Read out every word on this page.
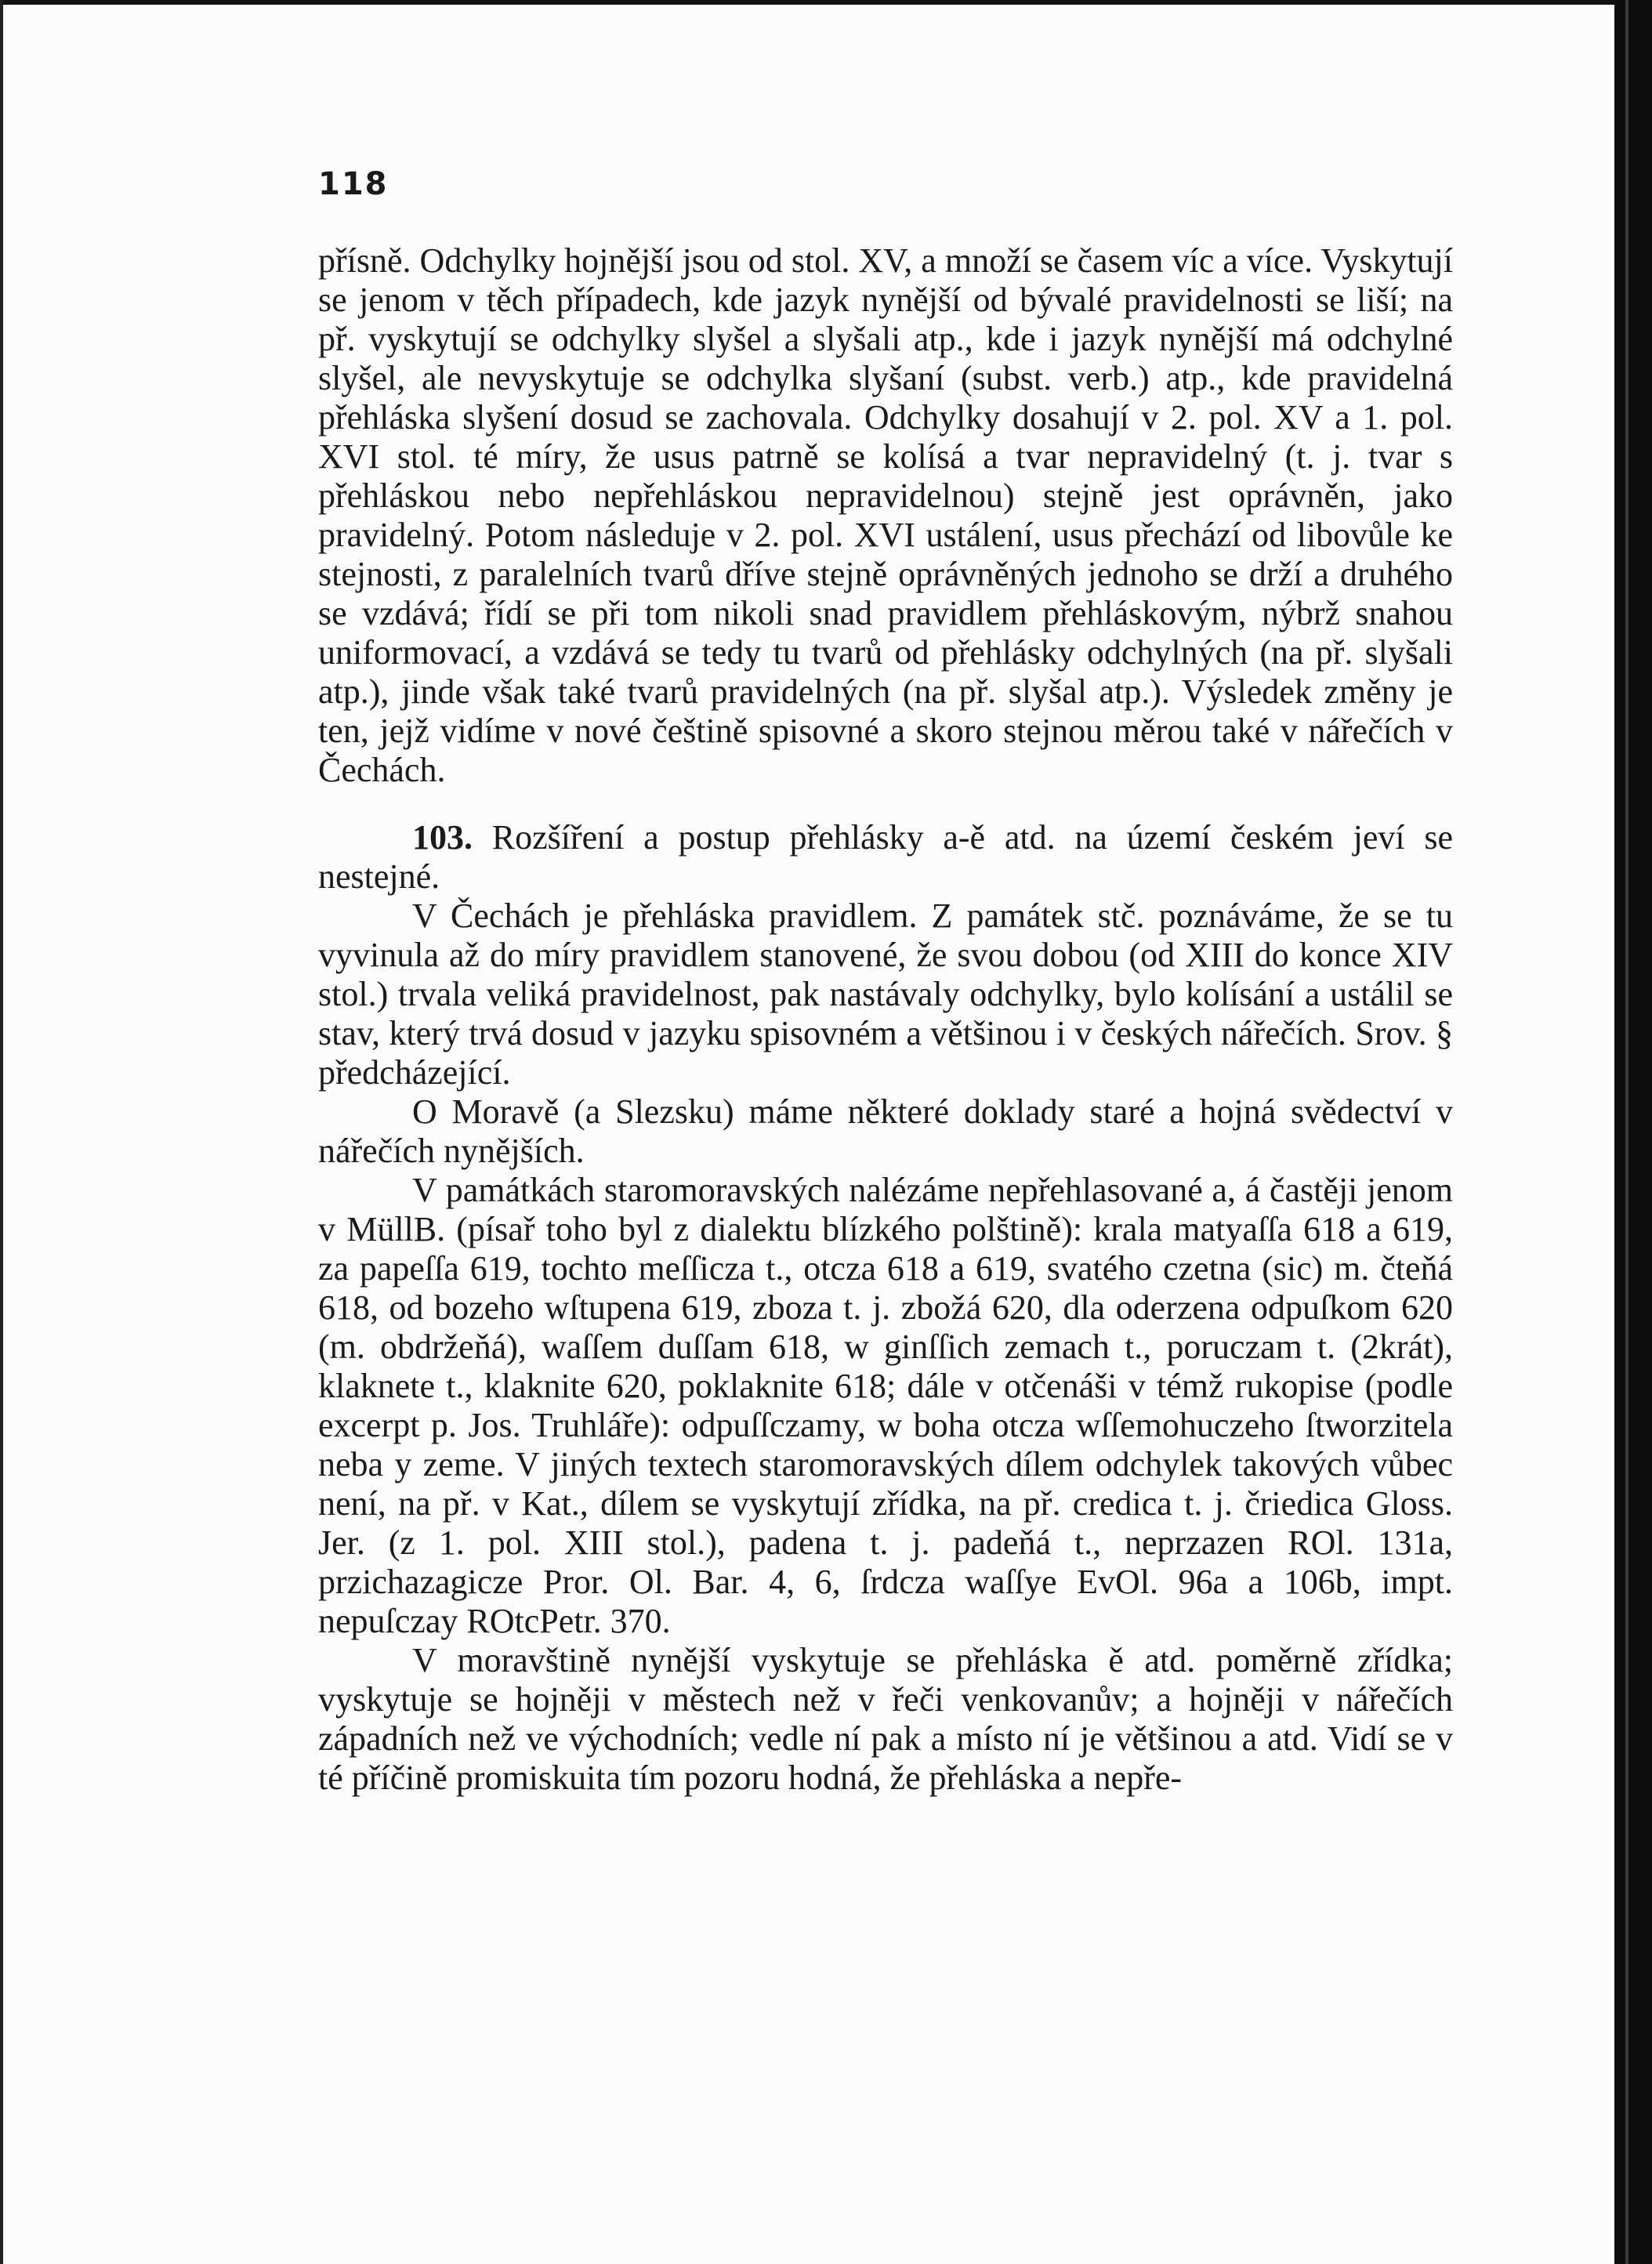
118

přísně. Odchylky hojnější jsou od stol. XV, a množí se časem víc a více. Vyskytují se jenom v těch případech, kde jazyk nynější od bývalé pravidelnosti se liší; na př. vyskytují se odchylky slyšel a slyšali atp., kde i jazyk nynější má odchylné slyšel, ale nevyskytuje se odchylka slyšaní (subst. verb.) atp., kde pravidelná přehláska slyšení dosud se zachovala. Odchylky dosahují v 2. pol. XV a 1. pol. XVI stol. té míry, že usus patrně se kolísá a tvar nepravidelný (t. j. tvar s přehláskou nebo nepřehláskou nepravidelnou) stejně jest oprávněn, jako pravidelný. Potom následuje v 2. pol. XVI ustálení, usus přechází od libovůle ke stejnosti, z paralelních tvarů dříve stejně oprávněných jednoho se drží a druhého se vzdává; řídí se při tom nikoli snad pravidlem přehláskovým, nýbrž snahou uniformovací, a vzdává se tedy tu tvarů od přehlásky odchylných (na př. slyšali atp.), jinde však také tvarů pravidelných (na př. slyšal atp.). Výsledek změny je ten, jejž vidíme v nové češtině spisovné a skoro stejnou měrou také v nářečích v Čechách.

103. Rozšíření a postup přehlásky a-ě atd. na území českém jeví se nestejné.

V Čechách je přehláska pravidlem. Z památek stč. poznáváme, že se tu vyvinula až do míry pravidlem stanovené, že svou dobou (od XIII do konce XIV stol.) trvala veliká pravidelnost, pak nastávaly odchylky, bylo kolísání a ustálil se stav, který trvá dosud v jazyku spisovném a většinou i v českých nářečích. Srov. § předcházející.

O Moravě (a Slezsku) máme některé doklady staré a hojná svědectví v nářečích nynějších.

V památkách staromoravských nalézáme nepřehlasované a, á častěji jenom v MüllB. (písař toho byl z dialektu blízkého polštině): krala matyaſſa 618 a 619, za papeſſa 619, tochto meſſicza t., otcza 618 a 619, svatého czetna (sic) m. čteňá 618, od bozeho wſtupena 619, zboza t. j. zbožá 620, dla oderzena odpuſkom 620 (m. obdržeňá), waſſem duſſam 618, w ginſſich zemach t., poruczam t. (2krát), klaknete t., klaknite 620, poklaknite 618; dále v otčenáši v témž rukopise (podle excerpt p. Jos. Truhláře): odpuſſczamy, w boha otcza wſſemohuczeho ſtworzitela neba y zeme. V jiných textech staromoravských dílem odchylek takových vůbec není, na př. v Kat., dílem se vyskytují zřídka, na př. credica t. j. čriedica Gloss. Jer. (z 1. pol. XIII stol.), padena t. j. padeňá t., neprzazen ROl. 131a, przichazagicze Pror. Ol. Bar. 4, 6, ſrdcza waſſye EvOl. 96a a 106b, impt. nepuſczay ROtcPetr. 370.

V moravštině nynější vyskytuje se přehláska ě atd. poměrně zřídka; vyskytuje se hojněji v městech než v řeči venkovanův; a hojněji v nářečích západních než ve východních; vedle ní pak a místo ní je většinou a atd. Vidí se v té příčině promiskuita tím pozoru hodná, že přehláska a nepře-
